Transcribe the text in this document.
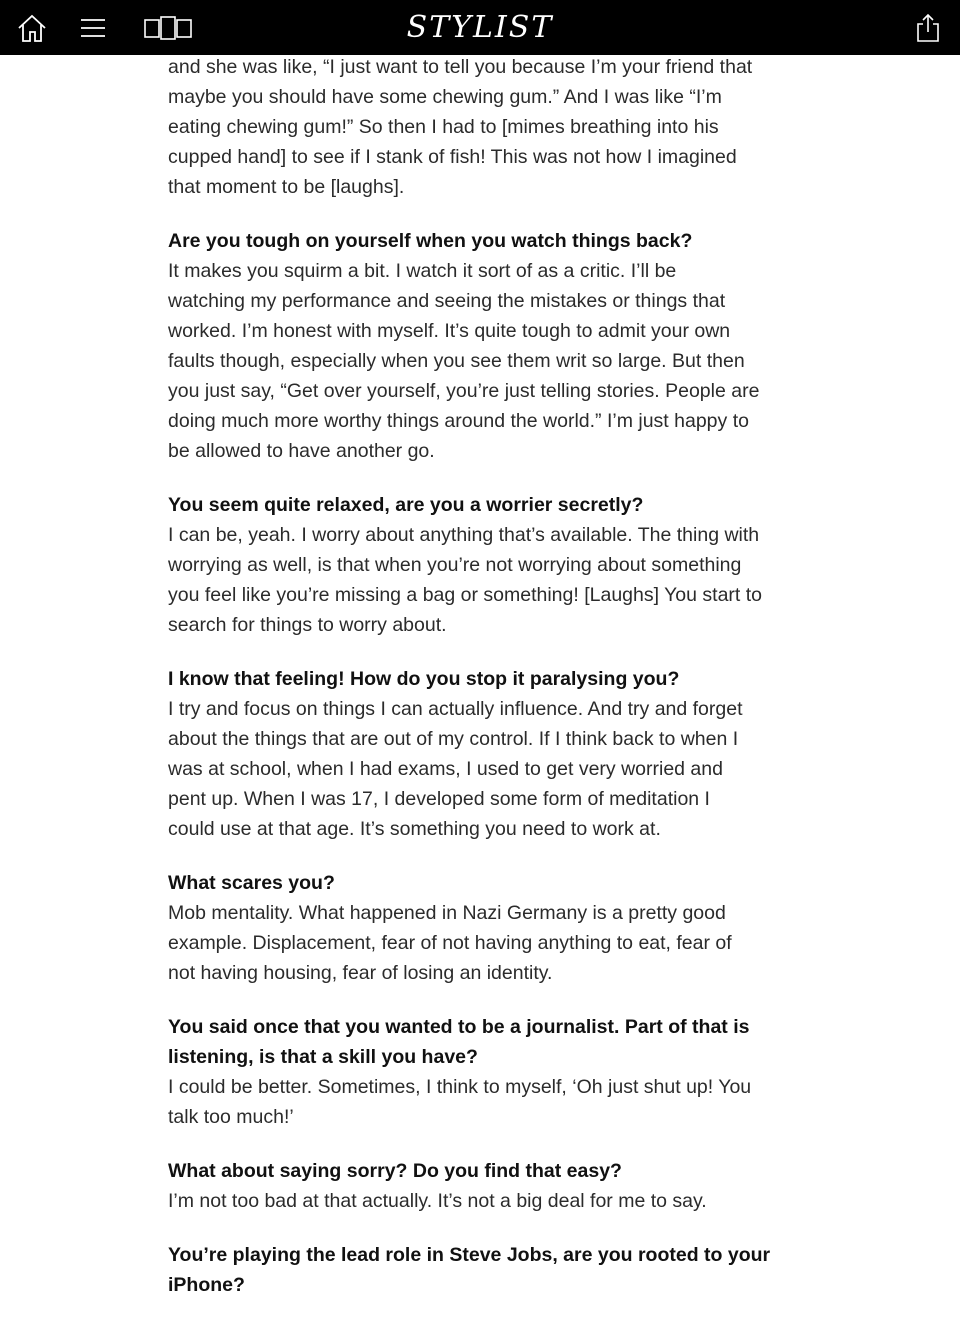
STYLIST

and she was like, “I just want to tell you because I’m your friend that
maybe you should have some chewing gum.” And I was like “I’m
eating chewing gum!” So then I had to [mimes breathing into his
cupped hand] to see if I stank of fish! This was not how I imagined
that moment to be [laughs].

Are you tough on yourself when you watch things back?

It makes you squirm a bit. I watch it sort of as a critic. I’ll be
watching my performance and seeing the mistakes or things that
worked. I’m honest with myself. It’s quite tough to admit your own
faults though, especially when you see them writ so large. But then
you just say, “Get over yourself, you’re just telling stories. People are
doing much more worthy things around the world.” I’m just happy to
be allowed to have another go.

You seem quite relaxed, are you a worrier secretly?

I can be, yeah. I worry about anything that’s available. The thing with
worrying as well, is that when you’re not worrying about something
you feel like you’re missing a bag or something! [Laughs] You start to
search for things to worry about.

I know that feeling! How do you stop it paralysing you?

I try and focus on things I can actually influence. And try and forget
about the things that are out of my control. If I think back to when I
was at school, when I had exams, I used to get very worried and
pent up. When I was 17, I developed some form of meditation I
could use at that age. It’s something you need to work at.

What scares you?

Mob mentality. What happened in Nazi Germany is a pretty good
example. Displacement, fear of not having anything to eat, fear of
not having housing, fear of losing an identity.

You said once that you wanted to be a journalist. Part of that is
listening, is that a skill you have?

I could be better. Sometimes, I think to myself, ‘Oh just shut up! You
talk too much!’

What about saying sorry? Do you find that easy?

I’m not too bad at that actually. It’s not a big deal for me to say.

You’re playing the lead role in Steve Jobs, are you rooted to your
iPhone?
